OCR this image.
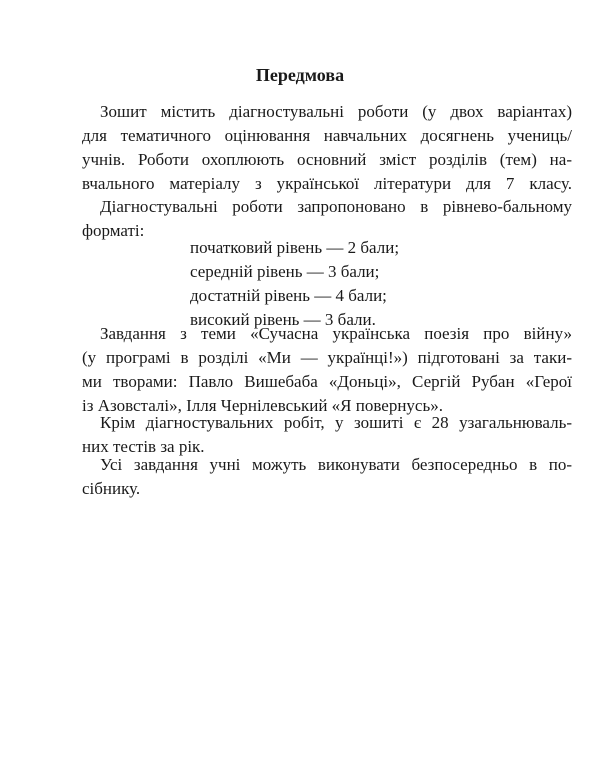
Передмова
Зошит містить діагностувальні роботи (у двох варіантах)
для тематичного оцінювання навчальних досягнень учениць/
учнів. Роботи охоплюють основний зміст розділів (тем) на-
вчального матеріалу з української літератури для 7 класу.
Діагностувальні роботи запропоновано в рівнево-бальному
форматі:
початковий рівень — 2 бали;
середній рівень — 3 бали;
достатній рівень — 4 бали;
високий рівень — 3 бали.
Завдання з теми «Сучасна українська поезія про війну»
(у програмі в розділі «Ми — українці!») підготовані за таки-
ми творами: Павло Вишебаба «Доньці», Сергій Рубан «Герої
із Азовсталі», Ілля Чернілевський «Я повернусь».
Крім діагностувальних робіт, у зошиті є 28 узагальнюваль-
них тестів за рік.
Усі завдання учні можуть виконувати безпосередньо в по-
сібнику.
